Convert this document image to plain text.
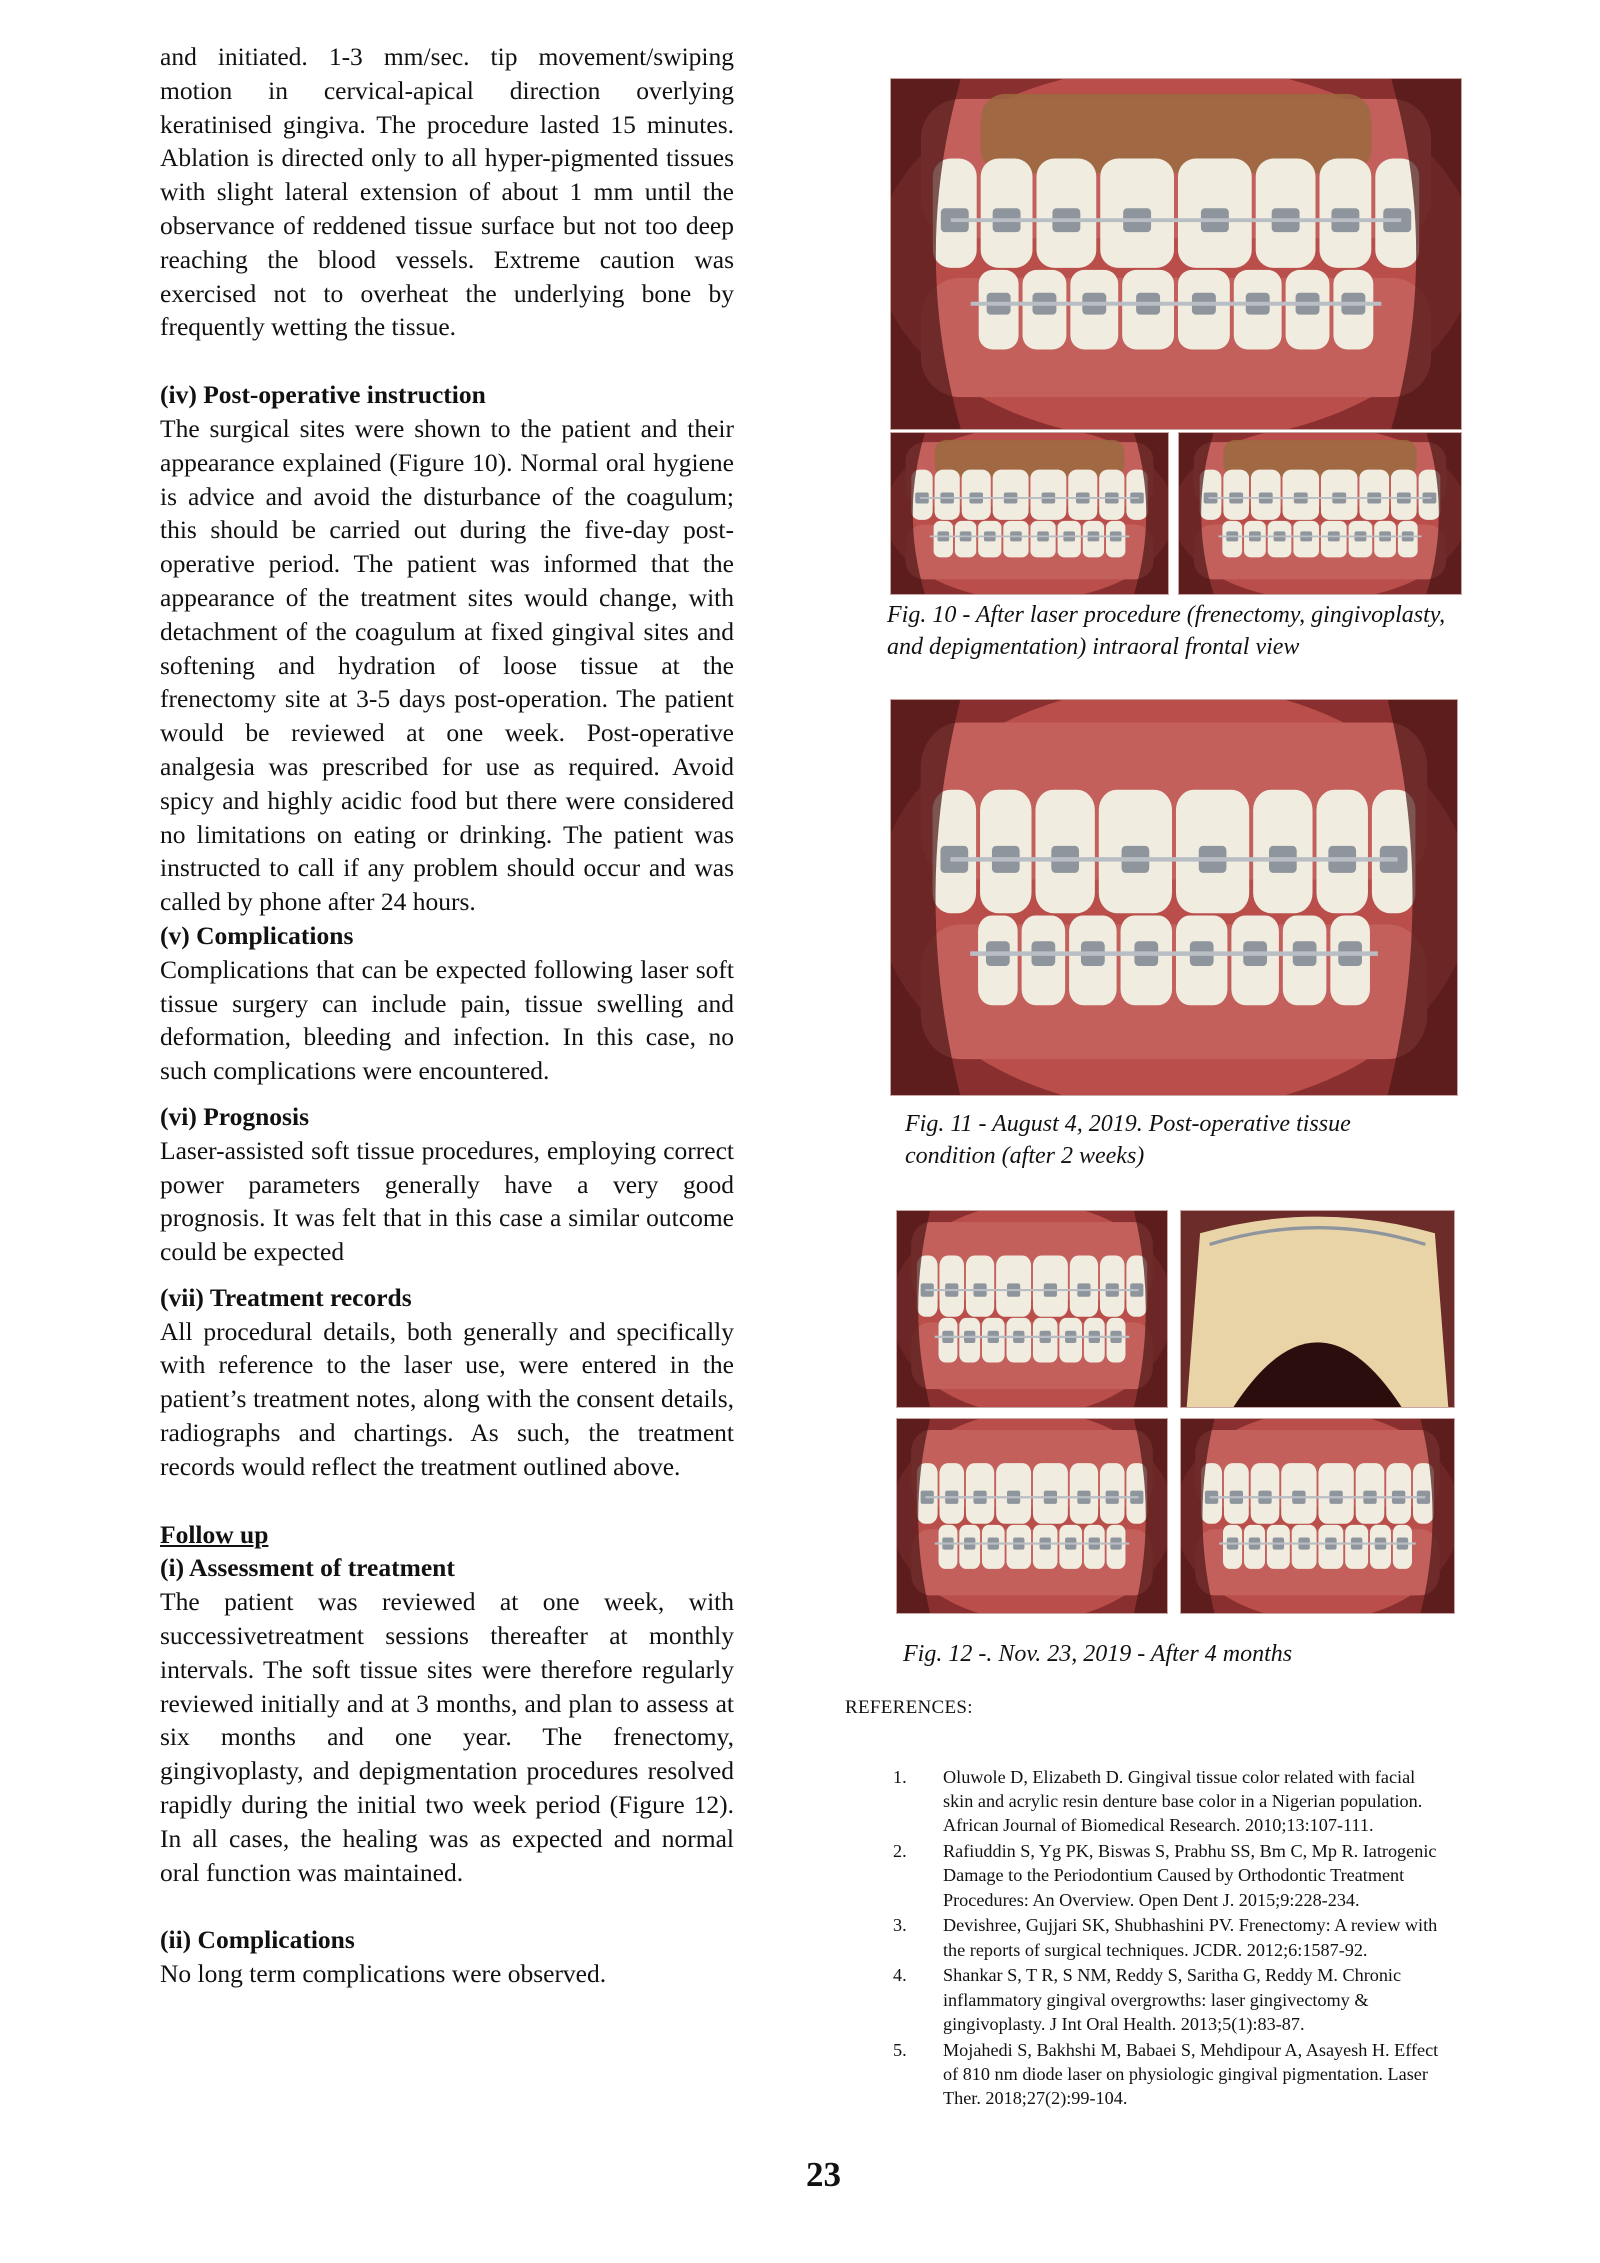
and initiated. 1-3 mm/sec. tip movement/swiping motion in cervical-apical direction overlying keratinised gingiva. The procedure lasted 15 minutes. Ablation is directed only to all hyper-pigmented tissues with slight lateral extension of about 1 mm until the observance of reddened tissue surface but not too deep reaching the blood vessels. Extreme caution was exercised not to overheat the underlying bone by frequently wetting the tissue.

(iv) Post-operative instruction

The surgical sites were shown to the patient and their appearance explained (Figure 10). Normal oral hygiene is advice and avoid the disturbance of the coagulum; this should be carried out during the five-day post-operative period. The patient was informed that the appearance of the treatment sites would change, with detachment of the coagulum at fixed gingival sites and softening and hydration of loose tissue at the frenectomy site at 3-5 days post-operation. The patient would be reviewed at one week. Post-operative analgesia was prescribed for use as required. Avoid spicy and highly acidic food but there were considered no limitations on eating or drinking. The patient was instructed to call if any problem should occur and was called by phone after 24 hours.

(v) Complications

Complications that can be expected following laser soft tissue surgery can include pain, tissue swelling and deformation, bleeding and infection. In this case, no such complications were encountered.

(vi) Prognosis

Laser-assisted soft tissue procedures, employing correct power parameters generally have a very good prognosis. It was felt that in this case a similar outcome could be expected

(vii) Treatment records

All procedural details, both generally and specifically with reference to the laser use, were entered in the patient’s treatment notes, along with the consent details, radiographs and chartings. As such, the treatment records would reflect the treatment outlined above.

Follow up

(i) Assessment of treatment

The patient was reviewed at one week, with successivetreatment sessions thereafter at monthly intervals. The soft tissue sites were therefore regularly reviewed initially and at 3 months, and plan to assess at six months and one year. The frenectomy, gingivoplasty, and depigmentation procedures resolved rapidly during the initial two week period (Figure 12). In all cases, the healing was as expected and normal oral function was maintained.

(ii) Complications

No long term complications were observed.

Fig. 10 - After laser procedure (frenectomy, gingivoplasty, and depigmentation) intraoral frontal view

Fig. 11 - August 4, 2019. Post-operative tissue condition (after 2 weeks)

Fig. 12 -. Nov. 23, 2019 - After 4 months

REFERENCES:

1. Oluwole D, Elizabeth D. Gingival tissue color related with facial skin and acrylic resin denture base color in a Nigerian population. African Journal of Biomedical Research. 2010;13:107-111.
2. Rafiuddin S, Yg PK, Biswas S, Prabhu SS, Bm C, Mp R. Iatrogenic Damage to the Periodontium Caused by Orthodontic Treatment Procedures: An Overview. Open Dent J. 2015;9:228-234.
3. Devishree, Gujjari SK, Shubhashini PV. Frenectomy: A review with the reports of surgical techniques. JCDR. 2012;6:1587-92.
4. Shankar S, T R, S NM, Reddy S, Saritha G, Reddy M. Chronic inflammatory gingival overgrowths: laser gingivectomy & gingivoplasty. J Int Oral Health. 2013;5(1):83-87.
5. Mojahedi S, Bakhshi M, Babaei S, Mehdipour A, Asayesh H. Effect of 810 nm diode laser on physiologic gingival pigmentation. Laser Ther. 2018;27(2):99-104.

23
